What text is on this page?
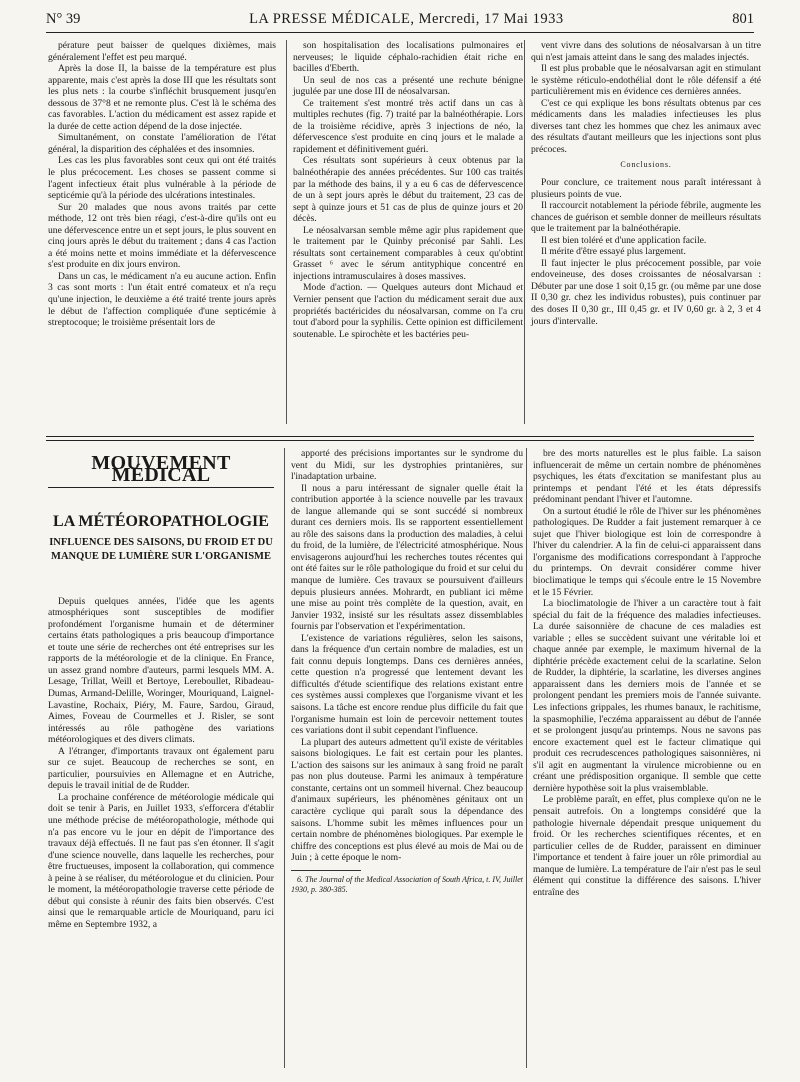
N° 39	LA PRESSE MÉDICALE, Mercredi, 17 Mai 1933	801

pérature peut baisser de quelques dixièmes, mais généralement l'effet est peu marqué.

Après la dose II, la baisse de la température est plus apparente, mais c'est après la dose III que les résultats sont les plus nets : la courbe s'infléchit brusquement jusqu'en dessous de 37°8 et ne remonte plus. C'est là le schéma des cas favorables. L'action du médicament est assez rapide et la durée de cette action dépend de la dose injectée.

Simultanément, on constate l'amélioration de l'état général, la disparition des céphalées et des insomnies.

Les cas les plus favorables sont ceux qui ont été traités le plus précocement. Les choses se passent comme si l'agent infectieux était plus vulnérable à la période de septicémie qu'à la période des ulcérations intestinales.

Sur 20 malades que nous avons traités par cette méthode, 12 ont très bien réagi, c'est-à-dire qu'ils ont eu une défervescence entre un et sept jours, le plus souvent en cinq jours après le début du traitement ; dans 4 cas l'action a été moins nette et moins immédiate et la défervescence s'est produite en dix jours environ.

Dans un cas, le médicament n'a eu aucune action. Enfin 3 cas sont morts : l'un était entré comateux et n'a reçu qu'une injection, le deuxième a été traité trente jours après le début de l'affection compliquée d'une septicémie à streptocoque; le troisième présentait lors de

son hospitalisation des localisations pulmonaires et nerveuses; le liquide céphalo-rachidien était riche en bacilles d'Eberth.

Un seul de nos cas a présenté une rechute bénigne jugulée par une dose III de néosalvarsan.

Ce traitement s'est montré très actif dans un cas à multiples rechutes (fig. 7) traité par la balnéothérapie. Lors de la troisième récidive, après 3 injections de néo, la défervescence s'est produite en cinq jours et le malade a rapidement et définitivement guéri.

Ces résultats sont supérieurs à ceux obtenus par la balnéothérapie des années précédentes. Sur 100 cas traités par la méthode des bains, il y a eu 6 cas de défervescence de un à sept jours après le début du traitement, 23 cas de sept à quinze jours et 51 cas de plus de quinze jours et 20 décès.

Le néosalvarsan semble même agir plus rapidement que le traitement par le Quinby préconisé par Sahli. Les résultats sont certainement comparables à ceux qu'obtint Grasset ⁶ avec le sérum antityphique concentré en injections intramusculaires à doses massives.

Mode d'action. — Quelques auteurs dont Michaud et Vernier pensent que l'action du médicament serait due aux propriétés bactéricides du néosalvarsan, comme on l'a cru tout d'abord pour la syphilis. Cette opinion est difficilement soutenable. Le spirochète et les bactéries peu-

vent vivre dans des solutions de néosalvarsan à un titre qui n'est jamais atteint dans le sang des malades injectés.

Il est plus probable que le néosalvarsan agit en stimulant le système réticulo-endothélial dont le rôle défensif a été particulièrement mis en évidence ces dernières années.

C'est ce qui explique les bons résultats obtenus par ces médicaments dans les maladies infectieuses les plus diverses tant chez les hommes que chez les animaux avec des résultats d'autant meilleurs que les injections sont plus précoces.

Conclusions.

Pour conclure, ce traitement nous paraît intéressant à plusieurs points de vue.

Il raccourcit notablement la période fébrile, augmente les chances de guérison et semble donner de meilleurs résultats que le traitement par la balnéothérapie.

Il est bien toléré et d'une application facile.

Il mérite d'être essayé plus largement.

Il faut injecter le plus précocement possible, par voie endoveineuse, des doses croissantes de néosalvarsan : Débuter par une dose 1 soit 0,15 gr. (ou même par une dose II 0,30 gr. chez les individus robustes), puis continuer par des doses II 0,30 gr., III 0,45 gr. et IV 0,60 gr. à 2, 3 et 4 jours d'intervalle.

MOUVEMENT MÉDICAL
LA MÉTÉOROPATHOLOGIE
INFLUENCE DES SAISONS, DU FROID ET DU MANQUE DE LUMIÈRE SUR L'ORGANISME

Depuis quelques années, l'idée que les agents atmosphériques sont susceptibles de modifier profondément l'organisme humain et de déterminer certains états pathologiques a pris beaucoup d'importance et toute une série de recherches ont été entreprises sur les rapports de la météorologie et de la clinique. En France, un assez grand nombre d'auteurs, parmi lesquels MM. A. Lesage, Trillat, Weill et Bertoye, Lereboullet, Ribadeau-Dumas, Armand-Delille, Woringer, Mouriquand, Laignel-Lavastine, Rochaix, Piéry, M. Faure, Sardou, Giraud, Aimes, Foveau de Courmelles et J. Risler, se sont intéressés au rôle pathogène des variations météorologiques et des divers climats.

A l'étranger, d'importants travaux ont également paru sur ce sujet. Beaucoup de recherches se sont, en particulier, poursuivies en Allemagne et en Autriche, depuis le travail initial de de Rudder.

La prochaine conférence de météorologie médicale qui doit se tenir à Paris, en Juillet 1933, s'efforcera d'établir une méthode précise de météoropathologie, méthode qui n'a pas encore vu le jour en dépit de l'importance des travaux déjà effectués. Il ne faut pas s'en étonner. Il s'agit d'une science nouvelle, dans laquelle les recherches, pour être fructueuses, imposent la collaboration, qui commence à peine à se réaliser, du météorologue et du clinicien. Pour le moment, la météoropathologie traverse cette période de début qui consiste à réunir des faits bien observés. C'est ainsi que le remarquable article de Mouriquand, paru ici même en Septembre 1932, a

apporté des précisions importantes sur le syndrome du vent du Midi, sur les dystrophies printanières, sur l'inadaptation urbaine.

Il nous a paru intéressant de signaler quelle était la contribution apportée à la science nouvelle par les travaux de langue allemande qui se sont succédé si nombreux durant ces derniers mois. Ils se rapportent essentiellement au rôle des saisons dans la production des maladies, à celui du froid, de la lumière, de l'électricité atmosphérique. Nous envisagerons aujourd'hui les recherches toutes récentes qui ont été faites sur le rôle pathologique du froid et sur celui du manque de lumière. Ces travaux se poursuivent d'ailleurs depuis plusieurs années. Mohrardt, en publiant ici même une mise au point très complète de la question, avait, en Janvier 1932, insisté sur les résultats assez dissemblables fournis par l'observation et l'expérimentation.

L'existence de variations régulières, selon les saisons, dans la fréquence d'un certain nombre de maladies, est un fait connu depuis longtemps. Dans ces dernières années, cette question n'a progressé que lentement devant les difficultés d'étude scientifique des relations existant entre ces systèmes aussi complexes que l'organisme vivant et les saisons. La tâche est encore rendue plus difficile du fait que l'organisme humain est loin de percevoir nettement toutes ces variations dont il subit cependant l'influence.

La plupart des auteurs admettent qu'il existe de véritables saisons biologiques. Le fait est certain pour les plantes. L'action des saisons sur les animaux à sang froid ne paraît pas non plus douteuse. Parmi les animaux à température constante, certains ont un sommeil hivernal. Chez beaucoup d'animaux supérieurs, les phénomènes génitaux ont un caractère cyclique qui paraît sous la dépendance des saisons. L'homme subit les mêmes influences pour un certain nombre de phénomènes biologiques. Par exemple le chiffre des conceptions est plus élevé au mois de Mai ou de Juin ; à cette époque le nom-

6. The Journal of the Medical Association of South Africa, t. IV, Juillet 1930, p. 380-385.

bre des morts naturelles est le plus faible. La saison influencerait de même un certain nombre de phénomènes psychiques, les états d'excitation se manifestant plus au printemps et pendant l'été et les états dépressifs prédominant pendant l'hiver et l'automne.

On a surtout étudié le rôle de l'hiver sur les phénomènes pathologiques. De Rudder a fait justement remarquer à ce sujet que l'hiver biologique est loin de correspondre à l'hiver du calendrier. A la fin de celui-ci apparaissent dans l'organisme des modifications correspondant à l'approche du printemps. On devrait considérer comme hiver bioclimatique le temps qui s'écoule entre le 15 Novembre et le 15 Février.

La bioclimatologie de l'hiver a un caractère tout à fait spécial du fait de la fréquence des maladies infectieuses. La durée saisonnière de chacune de ces maladies est variable ; elles se succèdent suivant une véritable loi et chaque année par exemple, le maximum hivernal de la diphtérie précède exactement celui de la scarlatine. Selon de Rudder, la diphtérie, la scarlatine, les diverses angines apparaissent dans les derniers mois de l'année et se prolongent pendant les premiers mois de l'année suivante. Les infections grippales, les rhumes banaux, le rachitisme, la spasmophilie, l'eczéma apparaissent au début de l'année et se prolongent jusqu'au printemps. Nous ne savons pas encore exactement quel est le facteur climatique qui produit ces recrudescences pathologiques saisonnières, ni s'il agit en augmentant la virulence microbienne ou en créant une prédisposition organique. Il semble que cette dernière hypothèse soit la plus vraisemblable.

Le problème paraît, en effet, plus complexe qu'on ne le pensait autrefois. On a longtemps considéré que la pathologie hivernale dépendait presque uniquement du froid. Or les recherches scientifiques récentes, et en particulier celles de de Rudder, paraissent en diminuer l'importance et tendent à faire jouer un rôle primordial au manque de lumière. La température de l'air n'est pas le seul élément qui constitue la différence des saisons. L'hiver entraîne des
